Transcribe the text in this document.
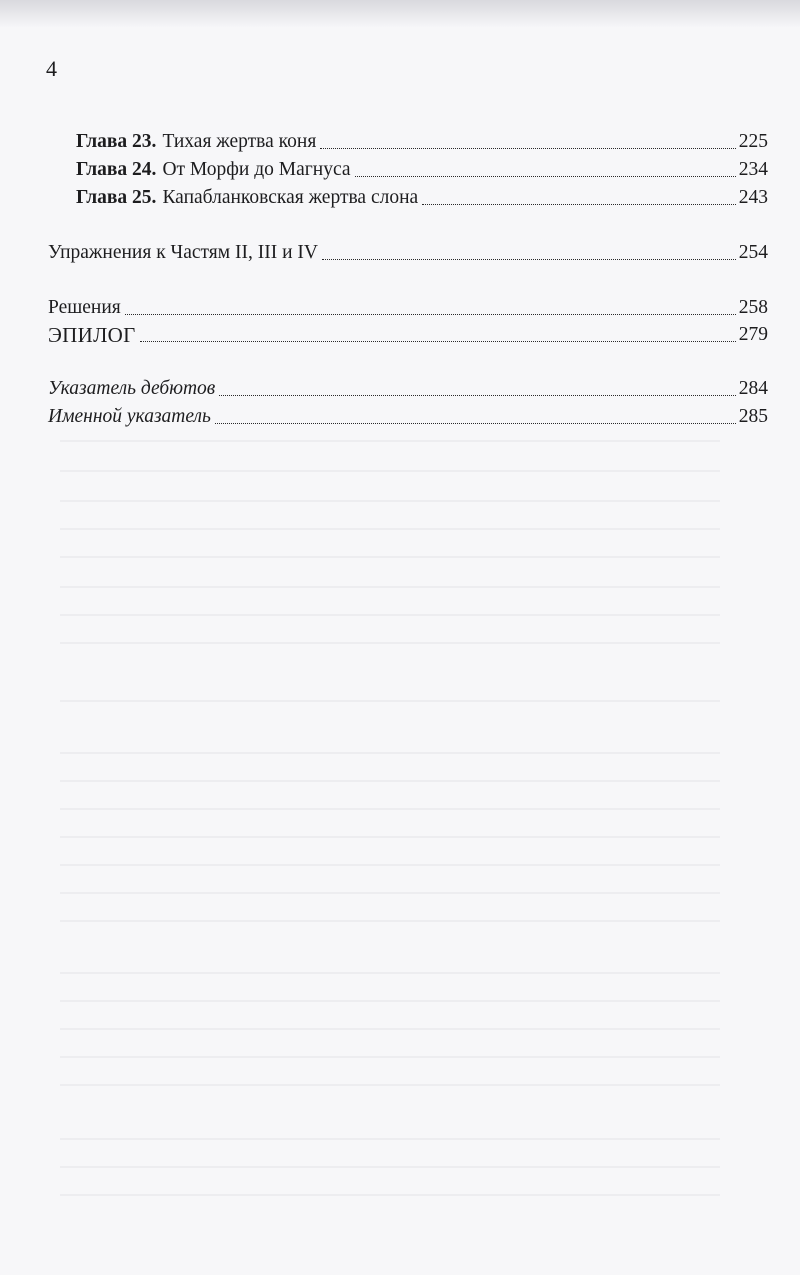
4
Глава 23. Тихая жертва коня	225
Глава 24. От Морфи до Магнуса	234
Глава 25. Капабланковская жертва слона	243
Упражнения к Частям II, III и IV	254
Решения	258
ЭПИЛОГ	279
Указатель дебютов	284
Именной указатель	285
